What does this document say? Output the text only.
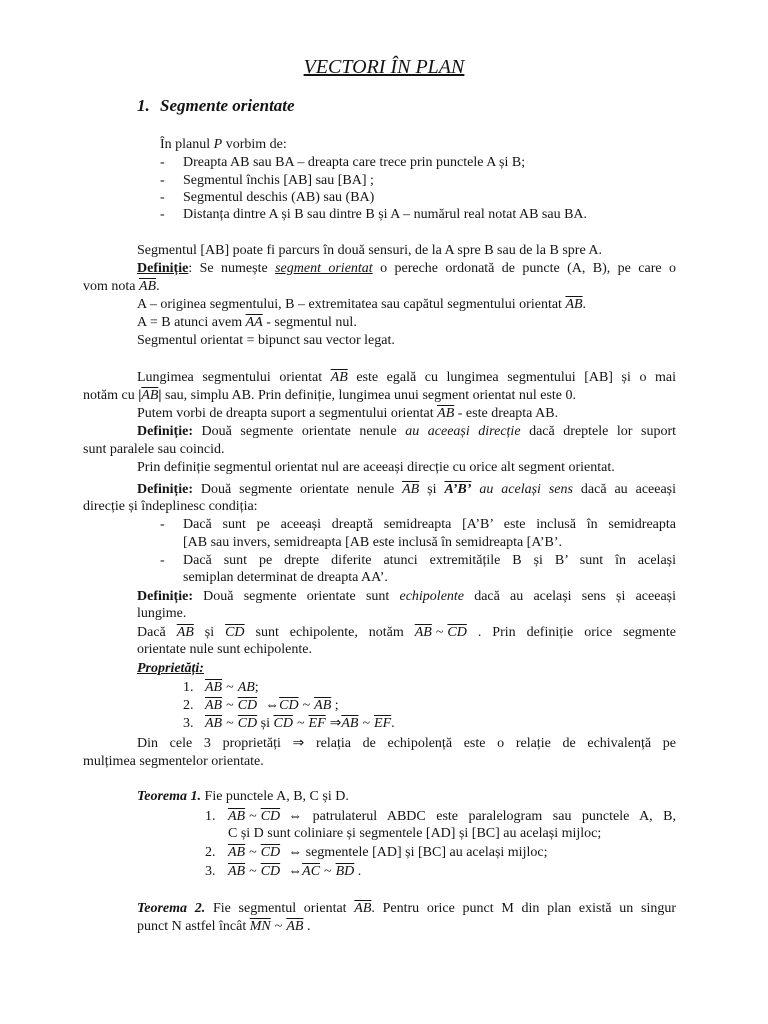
VECTORI ÎN PLAN
1. Segmente orientate
În planul P vorbim de:
- Dreapta AB sau BA – dreapta care trece prin punctele A și B;
- Segmentul închis [AB] sau [BA] ;
- Segmentul deschis (AB) sau (BA)
- Distanța dintre A și B sau dintre B și A – numărul real notat AB sau BA.
Segmentul [AB] poate fi parcurs în două sensuri, de la A spre B sau de la B spre A.
Definiție: Se numește segment orientat o pereche ordonată de puncte (A, B), pe care o
vom nota $\overline{AB}$.
A – originea segmentului, B – extremitatea sau capătul segmentului orientat $\overline{AB}$.
A = B atunci avem $\overline{AA}$ - segmentul nul.
Segmentul orientat = bipunct sau vector legat.
Lungimea segmentului orientat $\overline{AB}$ este egală cu lungimea segmentului [AB] și o mai
notăm cu $|\overline{AB}|$ sau, simplu AB. Prin definiție, lungimea unui segment orientat nul este 0.
Putem vorbi de dreapta suport a segmentului orientat $\overline{AB}$ - este dreapta AB.
Definiție: Două segmente orientate nenule au aceeași direcție dacă dreptele lor suport
sunt paralele sau coincid.
Prin definiție segmentul orientat nul are aceeași direcție cu orice alt segment orientat.
Definiție: Două segmente orientate nenule $\overline{AB}$ și A’B’ au același sens dacă au aceeași
direcție și îndeplinesc condiția:
- Dacă sunt pe aceeași dreaptă semidreapta [A’B’ este inclusă în semidreapta
[AB sau invers, semidreapta [AB este inclusă în semidreapta [A’B’.
- Dacă sunt pe drepte diferite atunci extremitățile B și B’ sunt în același
semiplan determinat de dreapta AA’.
Definiție: Două segmente orientate sunt echipolente dacă au același sens și aceeași
lungime.
Dacă $\overline{AB}$ și $\overline{CD}$ sunt echipolente, notăm $\overline{AB}$ ~ $\overline{CD}$ . Prin definiție orice segmente
orientate nule sunt echipolente.
Proprietăți:
1. $\overline{AB}$ ~ AB;
2. $\overline{AB}$ ~ $\overline{CD}$ $\Leftrightarrow\overline{CD}$ ~ $\overline{AB}$ ;
3. $\overline{AB}$ ~ $\overline{CD}$ și $\overline{CD}$ ~ $\overline{EF}$ $\Rightarrow\overline{AB}$ ~ $\overline{EF}$.
Din cele 3 proprietăți ⇒ relația de echipolență este o relație de echivalență pe
mulțimea segmentelor orientate.
Teorema 1. Fie punctele A, B, C și D.
1. $\overline{AB}$ ~ $\overline{CD}$ ⇔ patrulaterul ABDC este paralelogram sau punctele A, B,
C și D sunt coliniare și segmentele [AD] și [BC] au același mijloc;
2. $\overline{AB}$ ~ $\overline{CD}$ ⇔ segmentele [AD] și [BC] au același mijloc;
3. $\overline{AB}$ ~ $\overline{CD}$ $\Leftrightarrow\overline{AC}$ ~ $\overline{BD}$ .
Teorema 2. Fie segmentul orientat $\overline{AB}$. Pentru orice punct M din plan există un singur
punct N astfel încât $\overline{MN}$ ~ $\overline{AB}$ .
